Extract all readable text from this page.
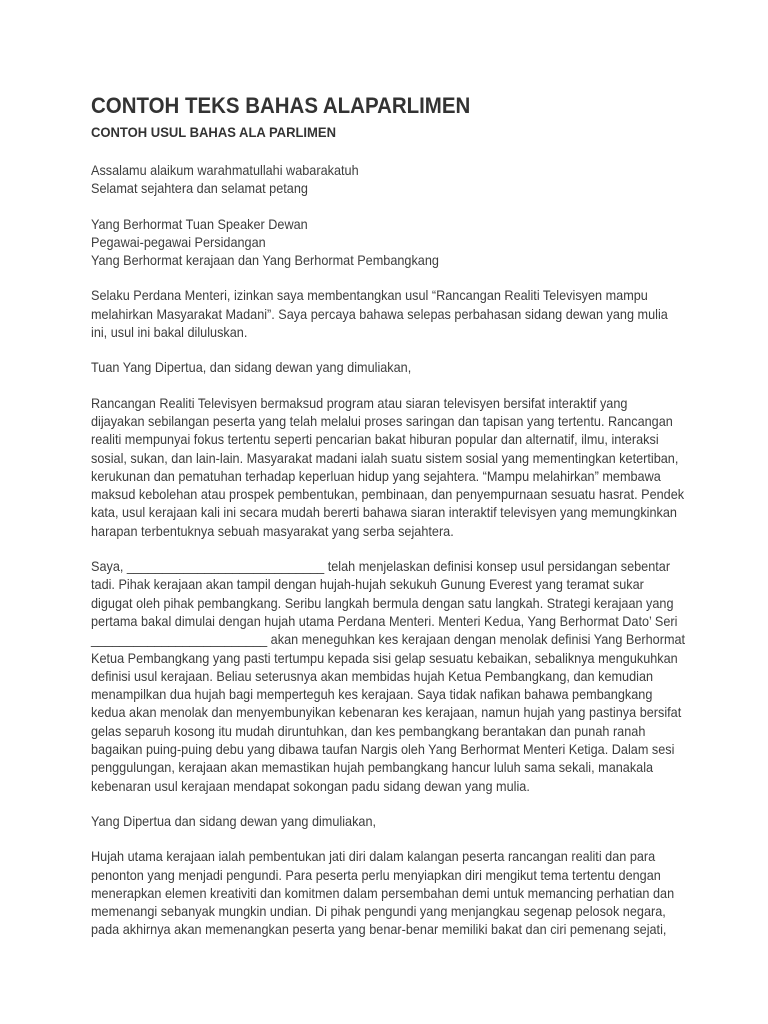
CONTOH TEKS BAHAS ALAPARLIMEN
CONTOH USUL BAHAS ALA PARLIMEN
Assalamu alaikum warahmatullahi wabarakatuh
Selamat sejahtera dan selamat petang
Yang Berhormat Tuan Speaker Dewan
Pegawai-pegawai Persidangan
Yang Berhormat kerajaan dan Yang Berhormat Pembangkang
Selaku Perdana Menteri, izinkan saya membentangkan usul “Rancangan Realiti Televisyen mampu
melahirkan Masyarakat Madani”. Saya percaya bahawa selepas perbahasan sidang dewan yang mulia
ini, usul ini bakal diluluskan.
Tuan Yang Dipertua, dan sidang dewan yang dimuliakan,
Rancangan Realiti Televisyen bermaksud program atau siaran televisyen bersifat interaktif yang
dijayakan sebilangan peserta yang telah melalui proses saringan dan tapisan yang tertentu. Rancangan
realiti mempunyai fokus tertentu seperti pencarian bakat hiburan popular dan alternatif, ilmu, interaksi
sosial, sukan, dan lain-lain. Masyarakat madani ialah suatu sistem sosial yang mementingkan ketertiban,
kerukunan dan pematuhan terhadap keperluan hidup yang sejahtera. “Mampu melahirkan” membawa
maksud kebolehan atau prospek pembentukan, pembinaan, dan penyempurnaan sesuatu hasrat. Pendek
kata, usul kerajaan kali ini secara mudah bererti bahawa siaran interaktif televisyen yang memungkinkan
harapan terbentuknya sebuah masyarakat yang serba sejahtera.
Saya, ____________________________ telah menjelaskan definisi konsep usul persidangan sebentar
tadi. Pihak kerajaan akan tampil dengan hujah-hujah sekukuh Gunung Everest yang teramat sukar
digugat oleh pihak pembangkang. Seribu langkah bermula dengan satu langkah. Strategi kerajaan yang
pertama bakal dimulai dengan hujah utama Perdana Menteri. Menteri Kedua, Yang Berhormat Dato’ Seri
_________________________ akan meneguhkan kes kerajaan dengan menolak definisi Yang Berhormat
Ketua Pembangkang yang pasti tertumpu kepada sisi gelap sesuatu kebaikan, sebaliknya mengukuhkan
definisi usul kerajaan. Beliau seterusnya akan membidas hujah Ketua Pembangkang, dan kemudian
menampilkan dua hujah bagi memperteguh kes kerajaan. Saya tidak nafikan bahawa pembangkang
kedua akan menolak dan menyembunyikan kebenaran kes kerajaan, namun hujah yang pastinya bersifat
gelas separuh kosong itu mudah diruntuhkan, dan kes pembangkang berantakan dan punah ranah
bagaikan puing-puing debu yang dibawa taufan Nargis oleh Yang Berhormat Menteri Ketiga. Dalam sesi
penggulungan, kerajaan akan memastikan hujah pembangkang hancur luluh sama sekali, manakala
kebenaran usul kerajaan mendapat sokongan padu sidang dewan yang mulia.
Yang Dipertua dan sidang dewan yang dimuliakan,
Hujah utama kerajaan ialah pembentukan jati diri dalam kalangan peserta rancangan realiti dan para
penonton yang menjadi pengundi. Para peserta perlu menyiapkan diri mengikut tema tertentu dengan
menerapkan elemen kreativiti dan komitmen dalam persembahan demi untuk memancing perhatian dan
memenangi sebanyak mungkin undian. Di pihak pengundi yang menjangkau segenap pelosok negara,
pada akhirnya akan memenangkan peserta yang benar-benar memiliki bakat dan ciri pemenang sejati,
